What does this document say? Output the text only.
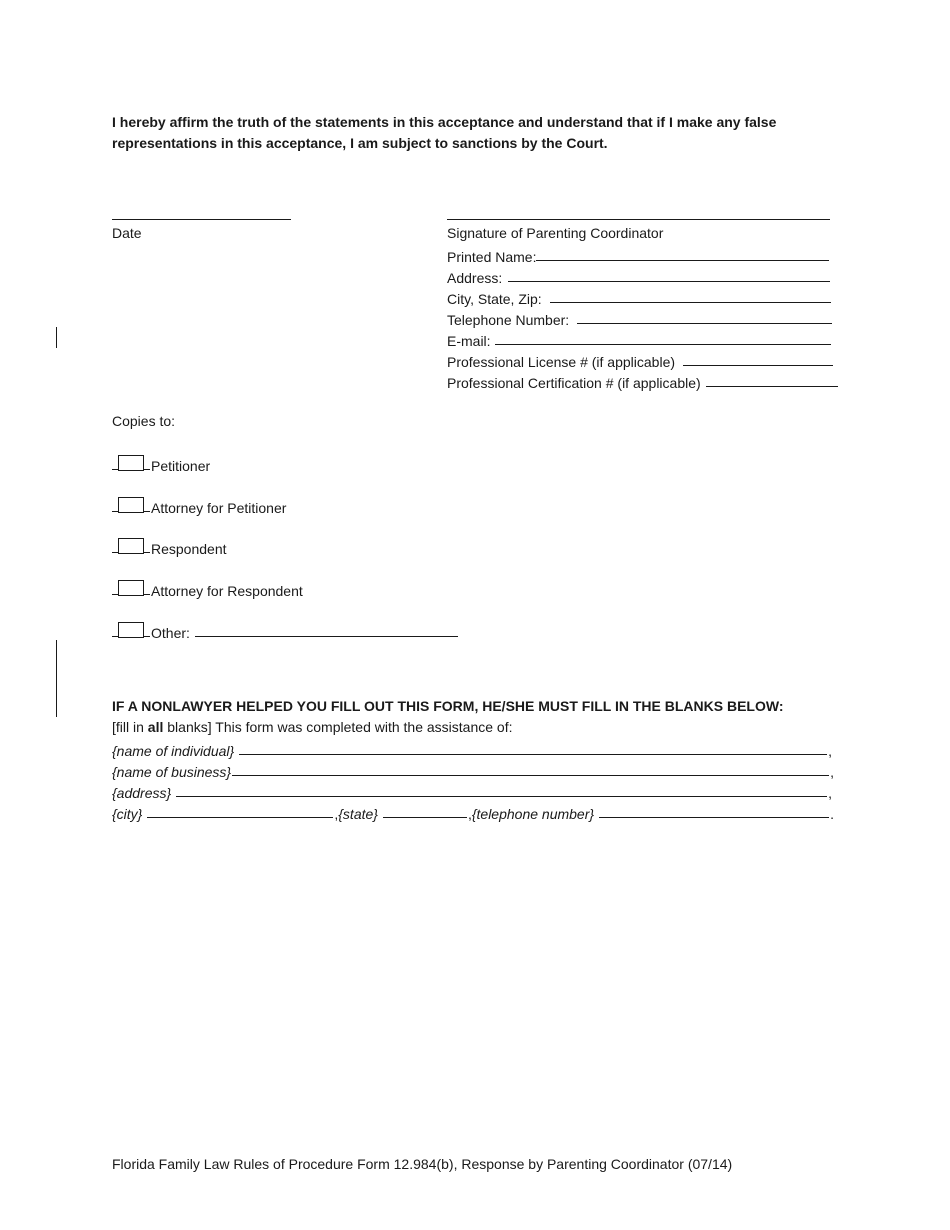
I hereby affirm the truth of the statements in this acceptance and understand that if I make any false representations in this acceptance, I am subject to sanctions by the Court.
Date	Signature of Parenting Coordinator
Printed Name:
Address:
City, State, Zip:
Telephone Number:
E-mail:
Professional License # (if applicable)
Professional Certification # (if applicable)
Copies to:
Petitioner
Attorney for Petitioner
Respondent
Attorney for Respondent
Other:
IF A NONLAWYER HELPED YOU FILL OUT THIS FORM, HE/SHE MUST FILL IN THE BLANKS BELOW:
[fill in all blanks] This form was completed with the assistance of:
{name of individual}	,
{name of business}	,
{address}	,
{city}	, {state}	, {telephone number}	.
Florida Family Law Rules of Procedure Form 12.984(b), Response by Parenting Coordinator (07/14)
